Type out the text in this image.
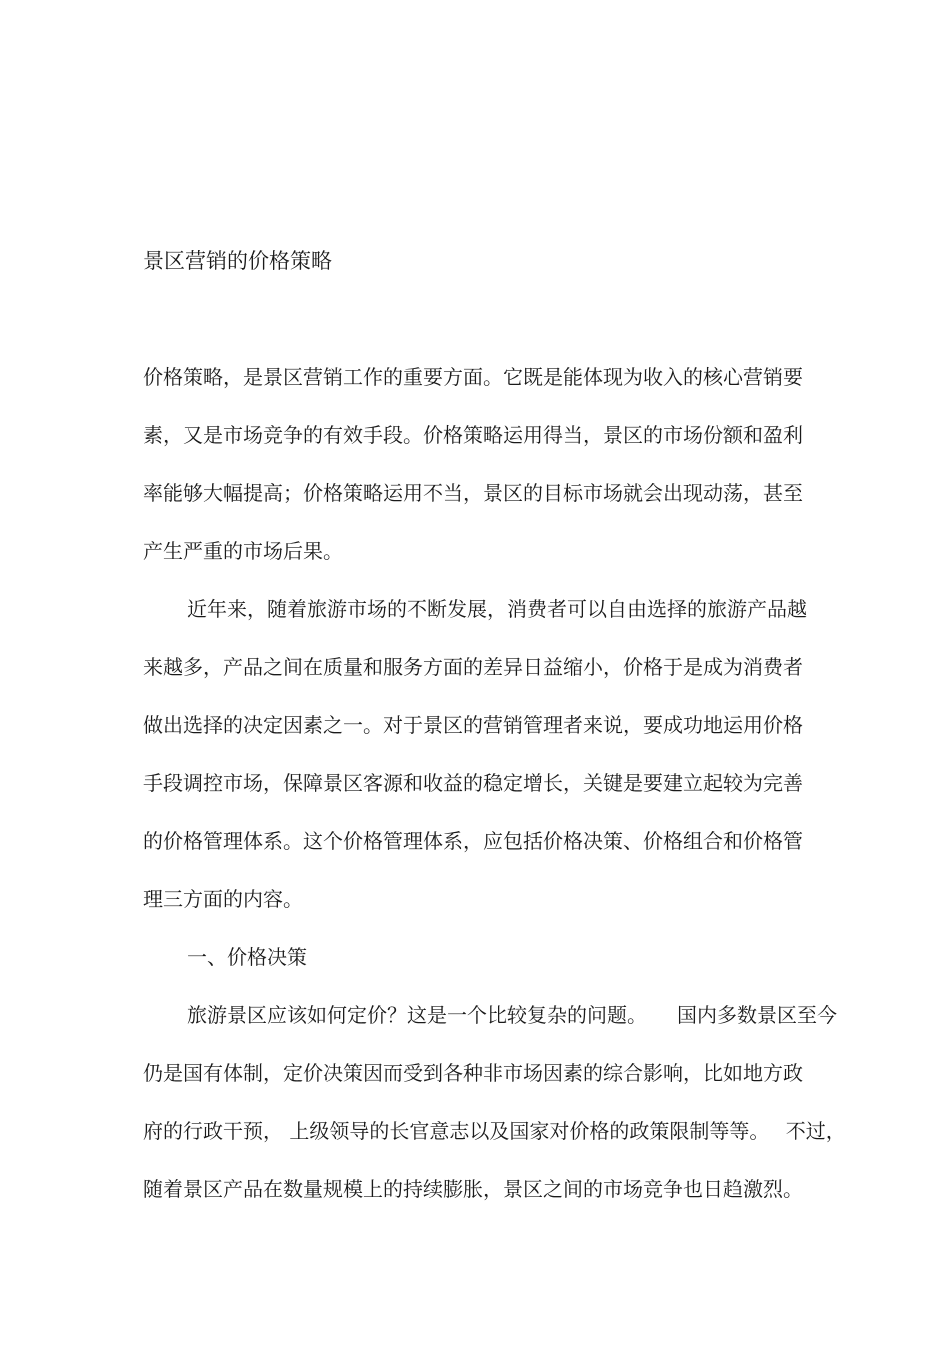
景区营销的价格策略
价格策略，是景区营销工作的重要方面。它既是能体现为收入的核心营销要
素，又是市场竞争的有效手段。价格策略运用得当，景区的市场份额和盈利
率能够大幅提高；价格策略运用不当，景区的目标市场就会出现动荡，甚至
产生严重的市场后果。
近年来，随着旅游市场的不断发展，消费者可以自由选择的旅游产品越
来越多，产品之间在质量和服务方面的差异日益缩小，价格于是成为消费者
做出选择的决定因素之一。对于景区的营销管理者来说，要成功地运用价格
手段调控市场，保障景区客源和收益的稳定增长，关键是要建立起较为完善
的价格管理体系。这个价格管理体系，应包括价格决策、价格组合和价格管
理三方面的内容。
一、价格决策
旅游景区应该如何定价？这是一个比较复杂的问题。　　国内多数景区至今
仍是国有体制，定价决策因而受到各种非市场因素的综合影响，比如地方政
府的行政干预， 上级领导的长官意志以及国家对价格的政策限制等等。　 不过，
随着景区产品在数量规模上的持续膨胀，景区之间的市场竞争也日趋激烈。
